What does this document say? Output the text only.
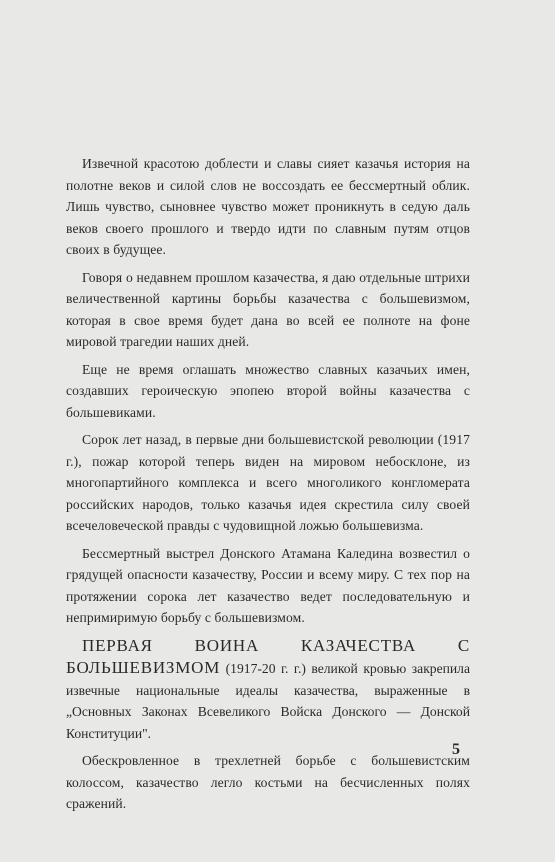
Извечной красотою доблести и славы сияет казачья история на полотне веков и силой слов не воссоздать ее бессмертный облик. Лишь чувство, сыновнее чувство может проникнуть в седую даль веков своего прошлого и твердо идти по славным путям отцов своих в будущее.

Говоря о недавнем прошлом казачества, я даю отдельные штрихи величественной картины борьбы казачества с большевизмом, которая в свое время будет дана во всей ее полноте на фоне мировой трагедии наших дней.

Еще не время оглашать множество славных казачьих имен, создавших героическую эпопею второй войны казачества с большевиками.

Сорок лет назад, в первые дни большевистской революции (1917 г.), пожар которой теперь виден на мировом небосклоне, из многопартийного комплекса и всего многоликого конгломерата российских народов, только казачья идея скрестила силу своей всечеловеческой правды с чудовищной ложью большевизма.

Бессмертный выстрел Донского Атамана Каледина возвестил о грядущей опасности казачеству, России и всему миру. С тех пор на протяжении сорока лет казачество ведет последовательную и непримиримую борьбу с большевизмом.

ПЕРВАЯ ВОИНА КАЗАЧЕСТВА С БОЛЬШЕВИЗМОМ (1917-20 г. г.) великой кровью закрепила извечные национальные идеалы казачества, выраженные в „Основных Законах Всевеликого Войска Донского — Донской Конституции".

Обескровленное в трехлетней борьбе с большевистским колоссом, казачество легло костьми на бесчисленных полях сражений.

5
